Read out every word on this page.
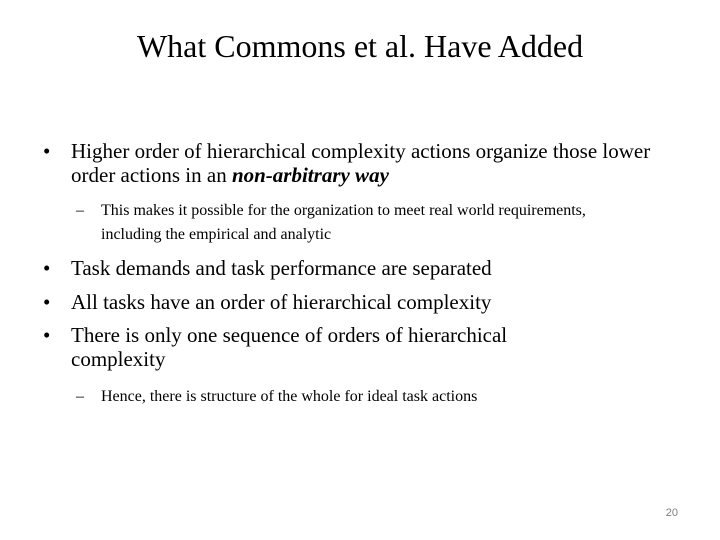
What Commons et al. Have Added
• Higher order of hierarchical complexity actions organize those lower order actions in an non-arbitrary way
– This makes it possible for the organization to meet real world requirements, including the empirical and analytic
• Task demands and task performance are separated
• All tasks have an order of hierarchical complexity
• There is only one sequence of orders of hierarchical complexity
– Hence, there is structure of the whole for ideal task actions
20
